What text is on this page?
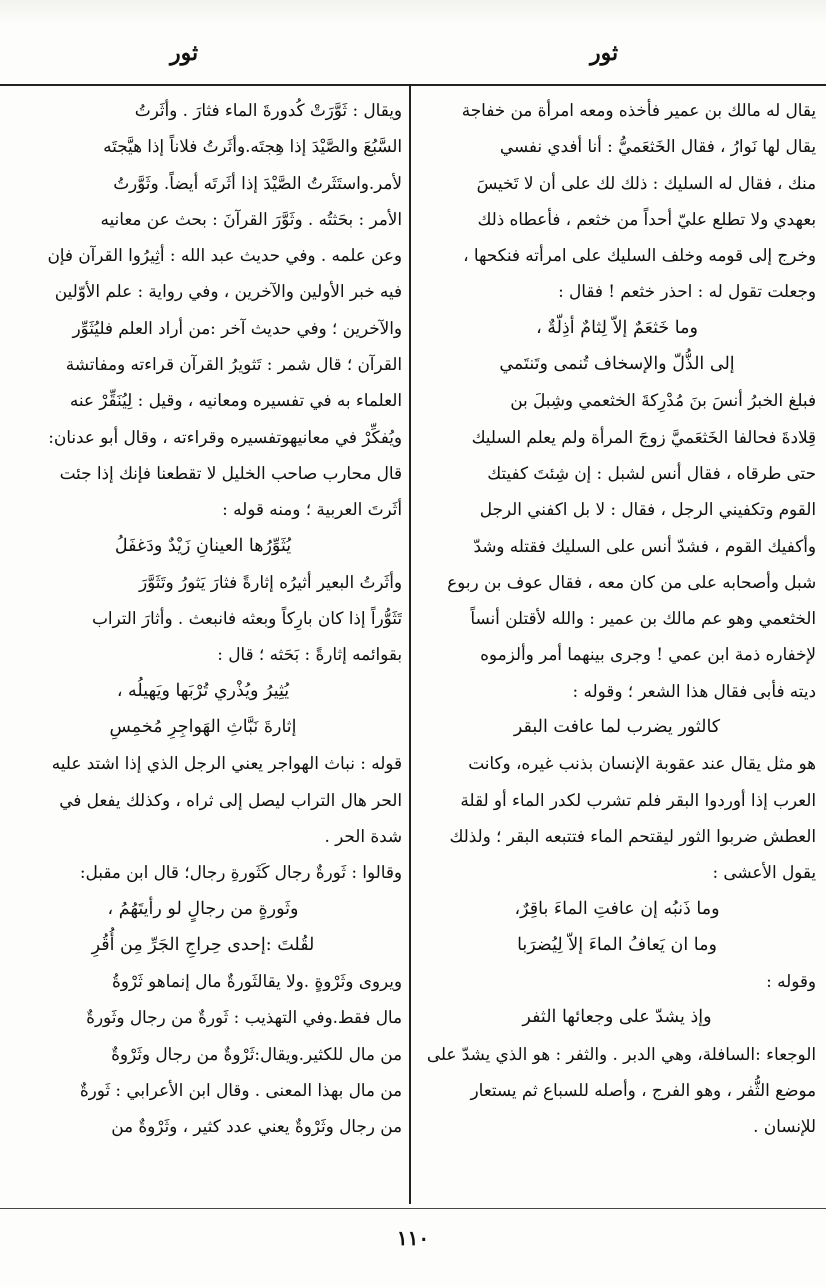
ثور
ثور
يقال له مالك بن عمير فأخذه ومعه امرأة من خفاجة
يقال لها نَوارُ ، فقال الخَثعَميُّ : أنا أفدي نفسي
منك ، فقال له السليك : ذلك لك على أن لا تَخيسَ
بعهدي ولا تطلع عليّ أحداً من خثعم ، فأعطاه ذلك
وخرج إلى قومه وخلف السليك على امرأته فنكحها ،
وجعلت تقول له : احذر خثعم ! فقال :
وما خَثعَمٌ إلاّ لِثامٌ أذِلّةٌ ،
إلى الذُّلّ والإسخاف تُنمى وتَنتَمي
فبلغ الخبرُ أنسَ بنَ مُدْرِكةَ الخثعمي وشِبلَ بن
قِلادةَ فحالفا الخَثعَميَّ زوجَ المرأة ولم يعلم السليك
حتى طرقاه ، فقال أنس لشبل : إن شِئتَ كفيتك
القوم وتكفيني الرجل ، فقال : لا بل اكفني الرجل
وأكفيك القوم ، فشدّ أنس على السليك فقتله وشدّ
شبل وأصحابه على من كان معه ، فقال عوف بن ربوع
الخثعمي وهو عم مالك بن عمير : والله لأقتلن أنساً
لإخفاره ذمة ابن عمي ! وجرى بينهما أمر وألزموه
ديته فأبى فقال هذا الشعر ؛ وقوله :
كالثور يضرب لما عافت البقر
هو مثل يقال عند عقوبة الإنسان بذنب غيره، وكانت
العرب إذا أوردوا البقر فلم تشرب لكدر الماء أو لقلة
العطش ضربوا الثور ليقتحم الماء فتتبعه البقر ؛ ولذلك
يقول الأعشى :
وما ذَنبُه إن عافتِ الماءَ باقِرٌ،
وما ان يَعافُ الماءَ إلاّ لِيُضرَبا
وقوله :
وإذ يشدّ على وجعائها الثفر
الوجعاء :السافلة، وهي الدبر . والثفر : هو الذي يشدّ على
موضع الثُّفر ، وهو الفرج ، وأصله للسباع ثم يستعار
للإنسان .
ويقال : ثَوَّرَتْ كُدورةَ الماء فثارَ . وأثَرتُ
السَّبُعَ والصَّيْدَ إذا هِجتَه.وأثَرتُ فلاناً إذا هيَّجتَه
لأمر.واستَثَرتُ الصَّيْدَ إذا أثَرتَه أيضاً. وثَوَّرتُ
الأمر : بحَثتُه . وثَوَّرَ القرآنَ : بحث عن معانيه
وعن علمه . وفي حديث عبد الله : أثِيرُوا القرآن فإن
فيه خبر الأولين والآخرين ، وفي رواية : علم الأوّلين
والآخرين ؛ وفي حديث آخر :من أراد العلم فليُثَوِّر
القرآن ؛ قال شمر : تَثويرُ القرآن قراءته ومفاتشة
العلماء به في تفسيره ومعانيه ، وقيل : لِيُنَقِّرْ عنه
ويُفكِّرْ في معانيهوتفسيره وقراءته ، وقال أبو عدنان:
قال محارب صاحب الخليل لا تقطعنا فإنك إذا جئت
أثَرتَ العربية ؛ ومنه قوله :
يُثَوِّرُها العينانِ زَيْدٌ ودَغفَلُ
وأثَرتُ البعير أثيرُه إثارةً فثارَ يَثورُ وتَثَوَّرَ
تَثَوُّراً إذا كان بارِكاً وبعثه فانبعث . وأثارَ التراب
بقوائمه إثارةً : بَحَثه ؛ قال :
يُثِيرُ ويُذْري تُرْبَها ويَهيلُه ،
إثارةَ نَبَّاثِ الهَواجِرِ مُخمِسِ
قوله : نباث الهواجر يعني الرجل الذي إذا اشتد عليه
الحر هال التراب ليصل إلى ثراه ، وكذلك يفعل في
شدة الحر .
وقالوا : ثَورةٌ رجال كَثَورةِ رجال؛ قال ابن مقبل:
وثَورةٍ من رجالٍ لو رأيتَهُمُ ،
لقُلتَ :إحدى حِراجِ الجَرِّ مِن أُقُرِ
ويروى وثَرْوةٍ .ولا يقالثَورةٌ مال إنماهو ثَرْوةُ
مال فقط.وفي التهذيب : ثَورةٌ من رجال وثَورةٌ
من مال للكثير.ويقال:ثَرْوةٌ من رجال وثَرْوةٌ
من مال بهذا المعنى . وقال ابن الأعرابي : ثَورةٌ
من رجال وثَرْوةٌ يعني عدد كثير ، وثَرْوةٌ من
١١٠
